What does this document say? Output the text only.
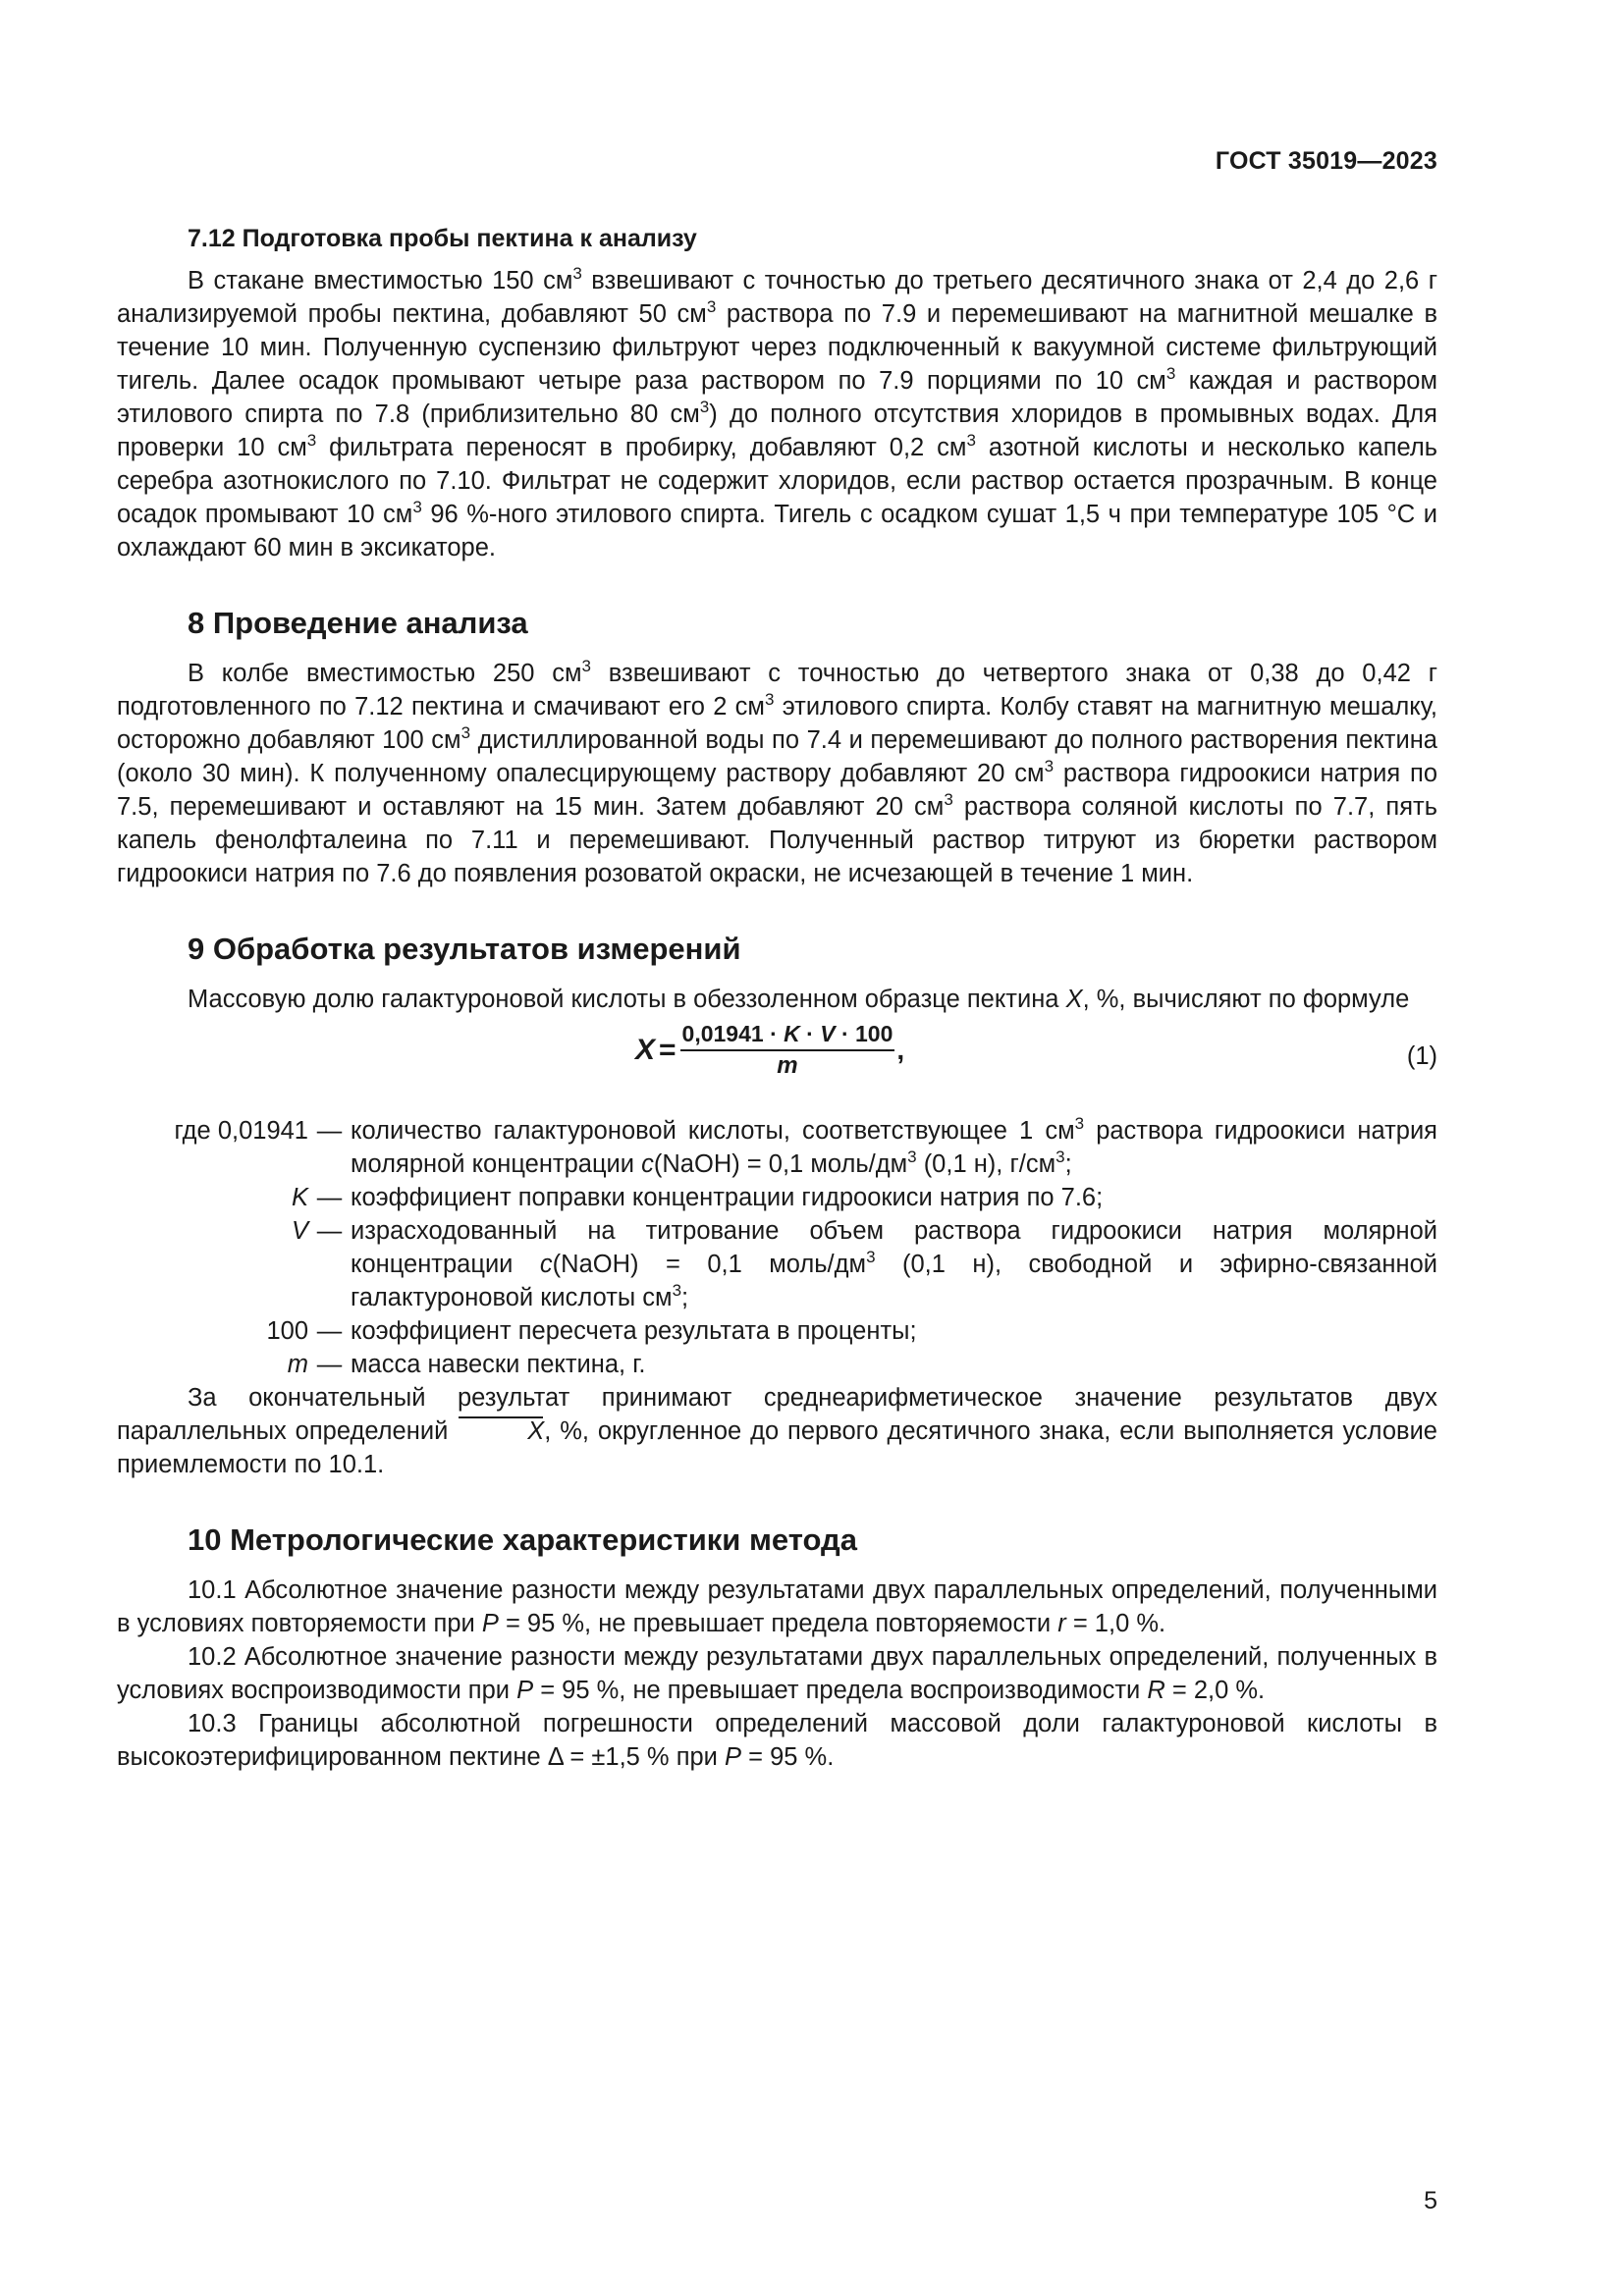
ГОСТ 35019—2023
7.12 Подготовка пробы пектина к анализу

В стакане вместимостью 150 $см^3$ взвешивают с точностью до третьего десятичного знака от 2,4 до 2,6 г анализируемой пробы пектина, добавляют 50 $см^3$ раствора по 7.9 и перемешивают на магнитной мешалке в течение 10 мин. Полученную суспензию фильтруют через подключенный к вакуумной системе фильтрующий тигель. Далее осадок промывают четыре раза раствором по 7.9 порциями по 10 $см^3$ каждая и раствором этилового спирта по 7.8 (приблизительно 80 $см^3$) до полного отсутствия хлоридов в промывных водах. Для проверки 10 $см^3$ фильтрата переносят в пробирку, добавляют 0,2 $см^3$ азотной кислоты и несколько капель серебра азотнокислого по 7.10. Фильтрат не содержит хлоридов, если раствор остается прозрачным. В конце осадок промывают 10 $см^3$ 96 %-ного этилового спирта. Тигель с осадком сушат 1,5 ч при температуре 105 °С и охлаждают 60 мин в эксикаторе.

8 Проведение анализа

В колбе вместимостью 250 $см^3$ взвешивают с точностью до четвертого знака от 0,38 до 0,42 г подготовленного по 7.12 пектина и смачивают его 2 $см^3$ этилового спирта. Колбу ставят на магнитную мешалку, осторожно добавляют 100 $см^3$ дистиллированной воды по 7.4 и перемешивают до полного растворения пектина (около 30 мин). К полученному опалесцирующему раствору добавляют 20 $см^3$ раствора гидроокиси натрия по 7.5, перемешивают и оставляют на 15 мин. Затем добавляют 20 $см^3$ раствора соляной кислоты по 7.7, пять капель фенолфталеина по 7.11 и перемешивают. Полученный раствор титруют из бюретки раствором гидроокиси натрия по 7.6 до появления розоватой окраски, не исчезающей в течение 1 мин.

9 Обработка результатов измерений

Массовую долю галактуроновой кислоты в обеззоленном образце пектина X, %, вычисляют по формуле

$X = \frac{0,01941 \cdot K \cdot V \cdot 100}{m}$ ,	(1)
где 0,01941 — количество галактуроновой кислоты, соответствующее 1 $см^3$ раствора гидроокиси натрия молярной концентрации c(NaOH) = 0,1 моль/$дм^3$ (0,1 н), $г/см^3$;
K — коэффициент поправки концентрации гидроокиси натрия по 7.6;
V — израсходованный на титрование объем раствора гидроокиси натрия молярной концентрации c(NaOH) = 0,1 моль/$дм^3$ (0,1 н), свободной и эфирно-связанной галактуроновой кислоты $см^3$;
100 — коэффициент пересчета результата в проценты;
m — масса навески пектина, г.

За окончательный результат принимают среднеарифметическое значение результатов двух параллельных определений	X, %, округленное до первого десятичного знака, если выполняется условие приемлемости по 10.1.

10 Метрологические характеристики метода

10.1 Абсолютное значение разности между результатами двух параллельных определений, полученными в условиях повторяемости при P = 95 %, не превышает предела повторяемости r = 1,0 %.

10.2 Абсолютное значение разности между результатами двух параллельных определений, полученных в условиях воспроизводимости при P = 95 %, не превышает предела воспроизводимости R = 2,0 %.

10.3 Границы абсолютной погрешности определений массовой доли галактуроновой кислоты в высокоэтерифицированном пектине Δ = ±1,5 % при P = 95 %.

5
